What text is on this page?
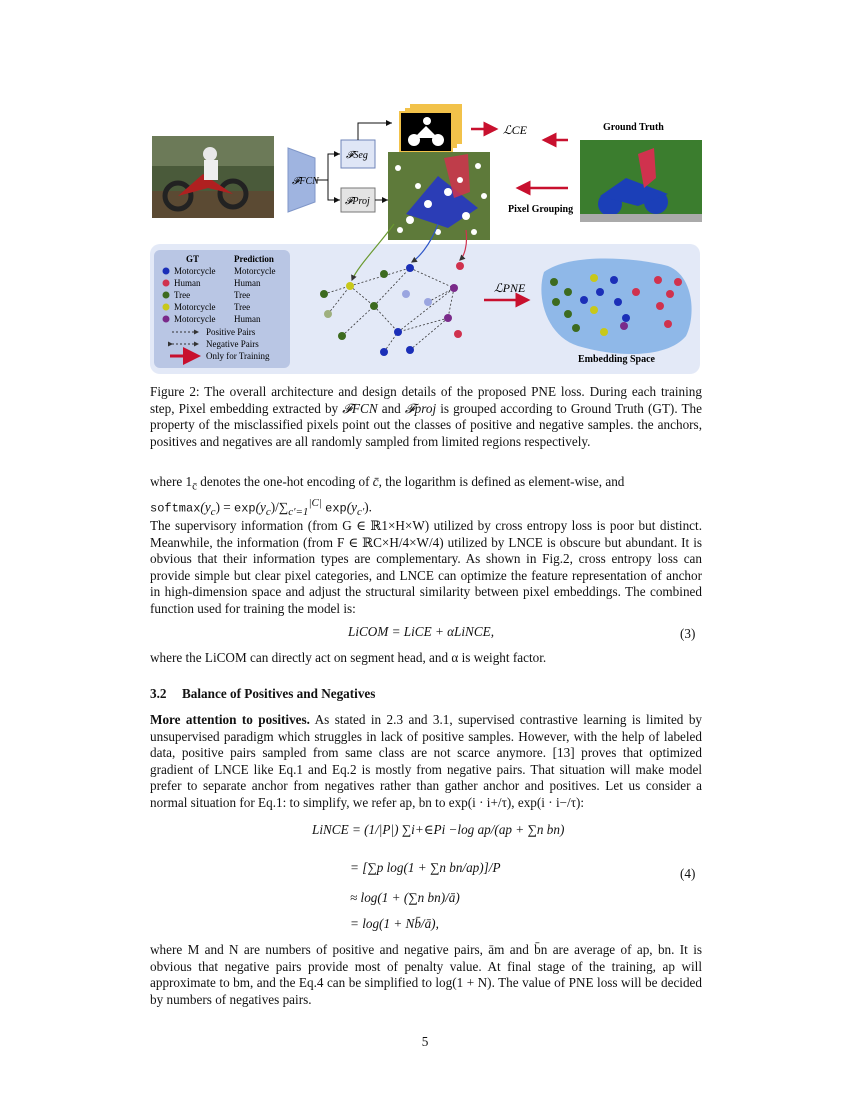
𝓕FCN
𝓕Seg
𝓕Proj
ℒCE	Ground Truth
Pixel Grouping
GT	Prediction
Motorcycle Motorcycle
Human	Human
Tree	Tree
Motorcycle Tree
Motorcycle Human
Positive Pairs
Negative Pairs
Only for Training
ℒPNE
Embedding Space
Figure 2: The overall architecture and design details of the proposed PNE loss. During each training step, Pixel embedding extracted by 𝓕FCN and 𝓕proj is grouped according to Ground Truth (GT). The property of the misclassified pixels point out the classes of positive and negative samples. the anchors, positives and negatives are all randomly sampled from limited regions respectively.
where $1_{c̄}$ denotes the one-hot encoding of c̄, the logarithm is defined as element-wise, and
$softmax(y_c) = \exp(y_c)/\sum_{c'=1}^{|C|}$ $\exp(y_{c'})$.
The supervisory information (from G ∈ ℝ1×H×W) utilized by cross entropy loss is poor but distinct. Meanwhile, the information (from F ∈ ℝC×H/4×W/4) utilized by LNCE is obscure but abundant. It is obvious that their information types are complementary. As shown in Fig.2, cross entropy loss can provide simple but clear pixel categories, and LNCE can optimize the feature representation of anchor in high-dimension space and adjust the structural similarity between pixel embeddings. The combined function used for training the model is:
LiCOM = LiCE + αLiNCE,	(3)
where the LiCOM can directly act on segment head, and α is weight factor.
3.2 Balance of Positives and Negatives
More attention to positives. As stated in 2.3 and 3.1, supervised contrastive learning is limited by unsupervised paradigm which struggles in lack of positive samples. However, with the help of labeled data, positive pairs sampled from same class are not scarce anymore. [13] proves that optimized gradient of LNCE like Eq.1 and Eq.2 is mostly from negative pairs. That situation will make model prefer to separate anchor from negatives rather than gather anchor and positives. Let us consider a normal situation for Eq.1: to simplify, we refer ap, bn to exp(i · i+/τ), exp(i · i−/τ):
LiNCE = (1/|P|) ∑i+∈Pi −log ap/(ap + ∑n bn)
= [∑p log(1 + ∑n bn/ap)]/P
≈ log(1 + (∑n bn)/ā)
= log(1 + Nb̄/ā),
(4)
where M and N are numbers of positive and negative pairs, ām and b̄n are average of ap, bn. It is obvious that negative pairs provide most of penalty value. At final stage of the training, ap will approximate to bm, and the Eq.4 can be simplified to log(1 + N). The value of PNE loss will be decided by numbers of negatives pairs.
5
